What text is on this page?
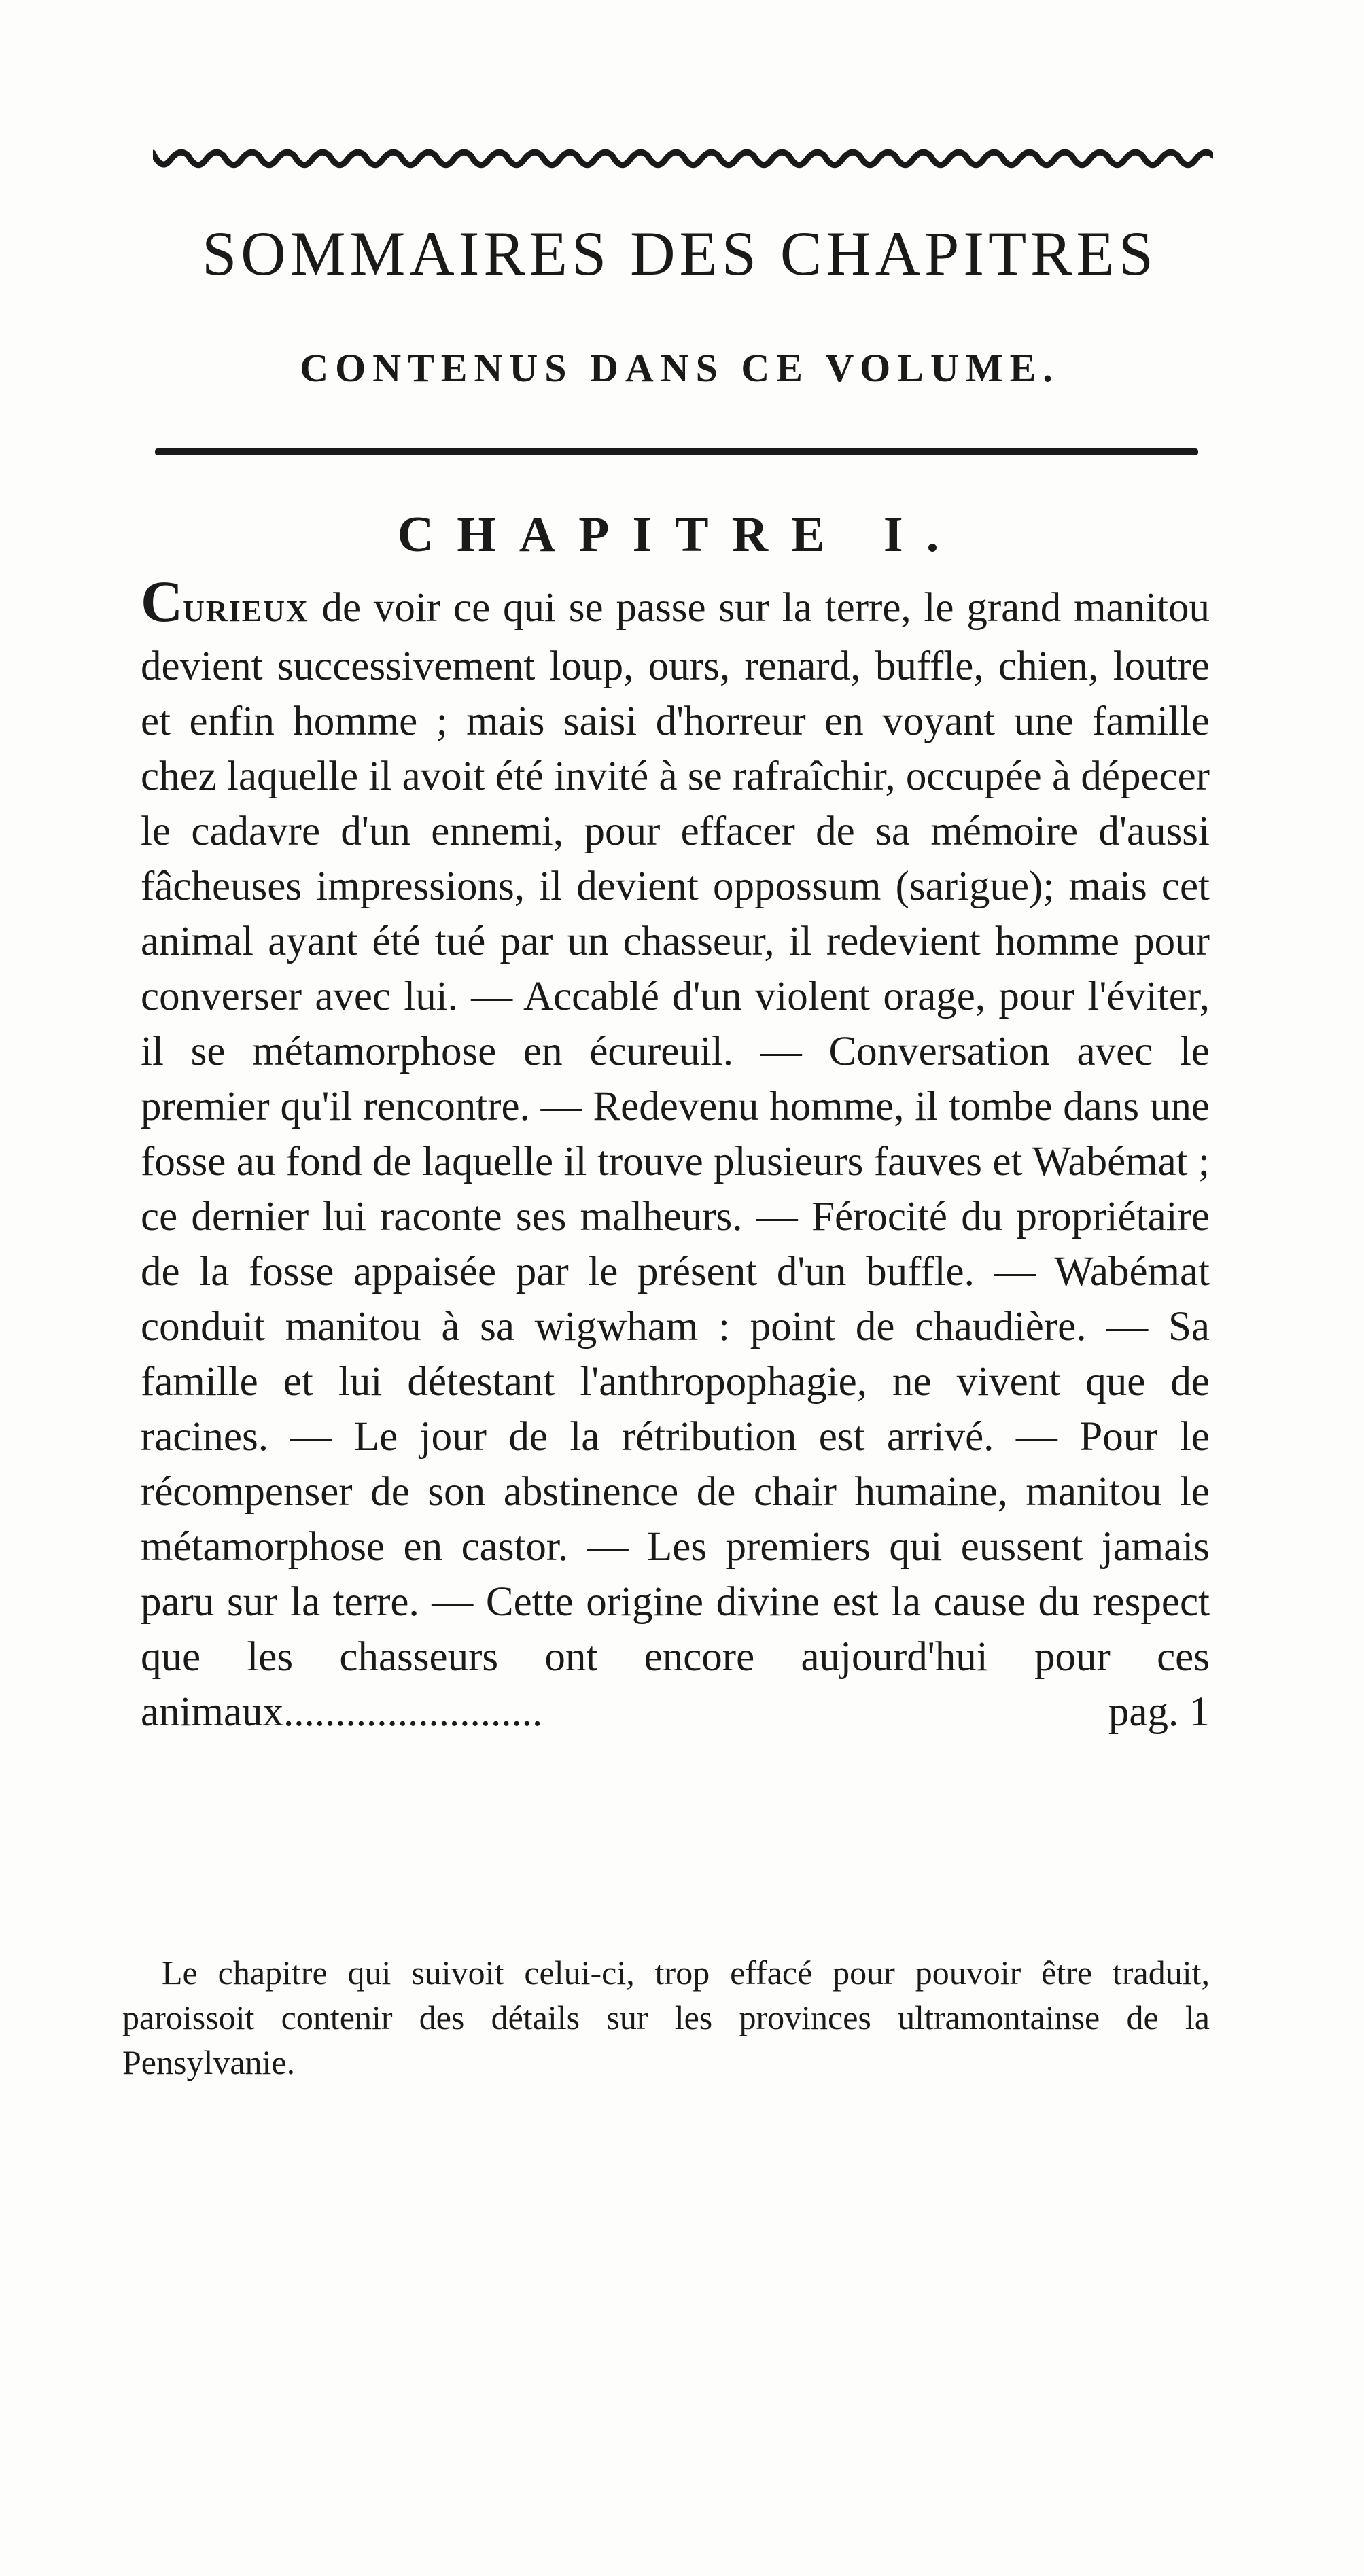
SOMMAIRES DES CHAPITRES
CONTENUS DANS CE VOLUME.
CHAPITRE I.

CURIEUX de voir ce qui se passe sur la terre, le grand manitou devient successivement loup, ours, renard, buffle, chien, loutre et enfin homme ; mais saisi d'horreur en voyant une famille chez laquelle il avoit été invité à se rafraîchir, occupée à dépecer le cadavre d'un ennemi, pour effacer de sa mémoire d'aussi fâcheuses impressions, il devient oppossum (sarigue); mais cet animal ayant été tué par un chasseur, il redevient homme pour converser avec lui. — Accablé d'un violent orage, pour l'éviter, il se métamorphose en écureuil. — Conversation avec le premier qu'il rencontre. — Redevenu homme, il tombe dans une fosse au fond de laquelle il trouve plusieurs fauves et Wabémat ; ce dernier lui raconte ses malheurs. — Férocité du propriétaire de la fosse appaisée par le présent d'un buffle. — Wabémat conduit manitou à sa wigwham : point de chaudière. — Sa famille et lui détestant l'anthropophagie, ne vivent que de racines. — Le jour de la rétribution est arrivé. — Pour le récompenser de son abstinence de chair humaine, manitou le métamorphose en castor. — Les premiers qui eussent jamais paru sur la terre. — Cette origine divine est la cause du respect que les chasseurs ont encore aujourd'hui pour ces animaux.........................	pag. 1

Le chapitre qui suivoit celui-ci, trop effacé pour pouvoir être traduit, paroissoit contenir des détails sur les provinces ultramontainse de la Pensylvanie.
